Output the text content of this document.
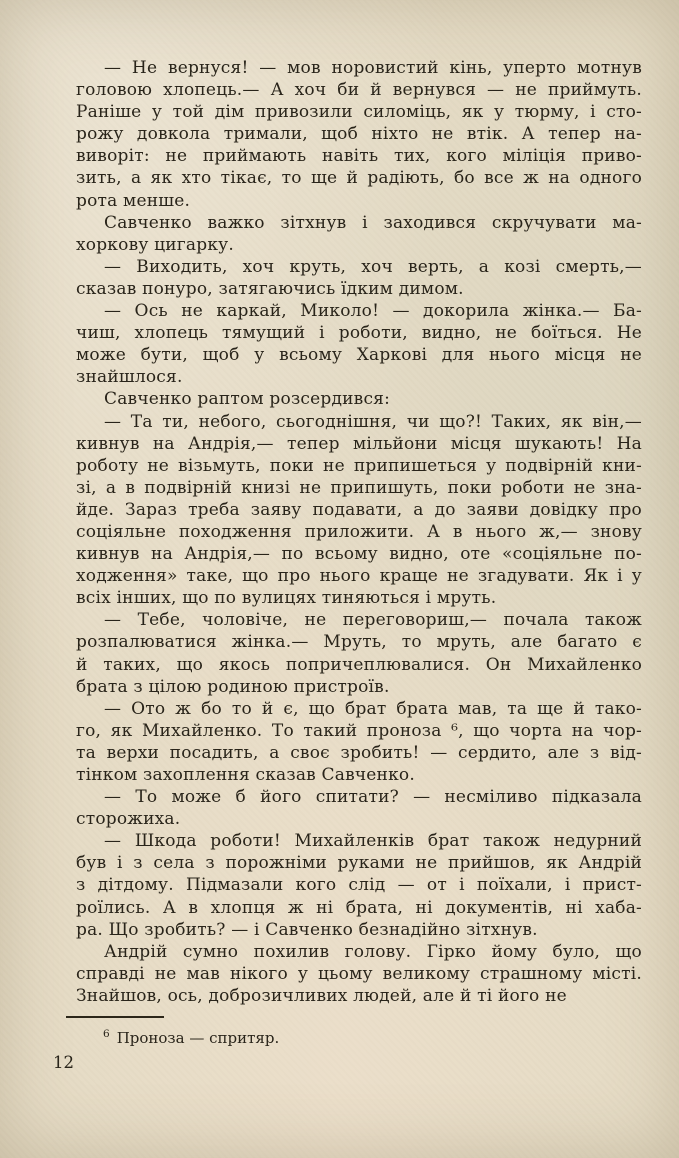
— Не вернуся! — мов норовистий кінь, уперто мотнув
головою хлопець.— А хоч би й вернувся — не приймуть.
Раніше у той дім привозили силоміць, як у тюрму, і сто-
рожу довкола тримали, щоб ніхто не втік. А тепер на-
виворіт: не приймають навіть тих, кого міліція приво-
зить, а як хто тікає, то ще й радіють, бо все ж на одного
рота менше.

Савченко важко зітхнув і заходився скручувати ма-
хоркову цигарку.

— Виходить, хоч круть, хоч верть, а козі смерть,—
сказав понуро, затягаючись їдким димом.

— Ось не каркай, Миколо! — докорила жінка.— Ба-
чиш, хлопець тямущий і роботи, видно, не боїться. Не
може бути, щоб у всьому Харкові для нього місця не
знайшлося.

Савченко раптом розсердився:

— Та ти, небого, сьогоднішня, чи що?! Таких, як він,—
кивнув на Андрія,— тепер мільйони місця шукають! На
роботу не візьмуть, поки не припишеться у подвірній кни-
зі, а в подвірній книзі не припишуть, поки роботи не зна-
йде. Зараз треба заяву подавати, а до заяви довідку про
соціяльне походження приложити. А в нього ж,— знову
кивнув на Андрія,— по всьому видно, оте «соціяльне по-
ходження» таке, що про нього краще не згадувати. Як і у
всіх інших, що по вулицях тиняються і мруть.

— Тебе, чоловіче, не переговориш,— почала також
розпалюватися жінка.— Мруть, то мруть, але багато є
й таких, що якось попричеплювалися. Он Михайленко
брата з цілою родиною пристроїв.

— Ото ж бо то й є, що брат брата мав, та ще й тако-
го, як Михайленко. То такий проноза ⁶, що чорта на чор-
та верхи посадить, а своє зробить! — сердито, але з від-
тінком захоплення сказав Савченко.

— То може б його спитати? — несміливо підказала
сторожиха.

— Шкода роботи! Михайленків брат також недурний
був і з села з порожніми руками не прийшов, як Андрій
з дітдому. Підмазали кого слід — от і поїхали, і прист-
роїлись. А в хлопця ж ні брата, ні документів, ні хаба-
ра. Що зробить? — і Савченко безнадійно зітхнув.

Андрій сумно похилив голову. Гірко йому було, що
справді не мав нікого у цьому великому страшному місті.
Знайшов, ось, доброзичливих людей, але й ті його не

$^6$ Проноза — спритяр.
12
